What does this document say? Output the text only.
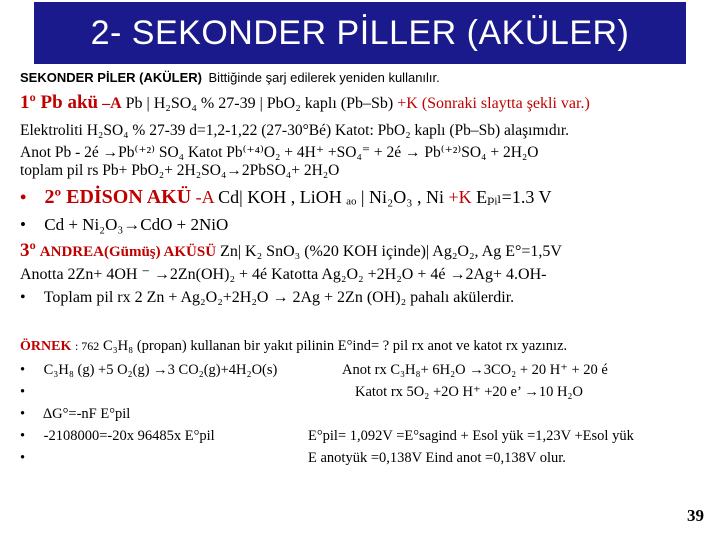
2- SEKONDER PİLLER (AKÜLER)
SEKONDER PİLER (AKÜLER) Bittiğinde şarj edilerek yeniden kullanılır.
1º Pb akü –A Pb | H₂SO₄ % 27-39 | PbO₂ kaplı (Pb–Sb) +K (Sonraki slaytta şekli var.)
Elektroliti H₂SO₄ % 27-39 d=1,2-1,22 (27-30°Bé) Katot: PbO₂ kaplı (Pb–Sb) alaşımıdır.
Anot Pb - 2é →Pb⁽⁺²⁾ SO₄ Katot Pb⁽⁺⁴⁾O₂ + 4H⁺ +SO₄⁼ + 2é → Pb⁽⁺²⁾SO₄ + 2H₂O
toplam pil rs Pb+ PbO₂+ 2H₂SO₄→2PbSO₄+ 2H₂O
• 2º EDİSON AKÜ -A Cd| KOH , LiOH ₐₒ | Ni₂O₃ , Ni +K Eₚᵢₗ=1.3 V
• Cd + Ni₂O₃→CdO + 2NiO
3º ANDREA(Gümüş) AKÜSÜ Zn| K₂ SnO₃ (%20 KOH içinde)| Ag₂O₂, Ag E°=1,5V
Anotta 2Zn+ 4OH ⁻ →2Zn(OH)₂ + 4é Katotta Ag₂O₂ +2H₂O + 4é →2Ag+ 4.OH-
• Toplam pil rx 2 Zn + Ag₂O₂+2H₂O → 2Ag + 2Zn (OH)₂ pahalı akülerdir.
ÖRNEK : 762 C₃H₈ (propan) kullanan bir yakıt pilinin E°ind= ? pil rx anot ve katot rx yazınız.
• C₃H₈ (g) +5 O₂(g) →3 CO₂(g)+4H₂O(s)
•
• ΔG°=-nF E°pil
• -2108000=-20x 96485x E°pil
•
Anot rx C₃H₈+ 6H₂O →3CO₂ + 20 H⁺ + 20 é
Katot rx 5O₂ +2O H⁺ +20 e’ →10 H₂O
E°pil= 1,092V =E°sagind + Esol yük =1,23V +Esol yük
E anotyük =0,138V Eind anot =0,138V olur.
39
